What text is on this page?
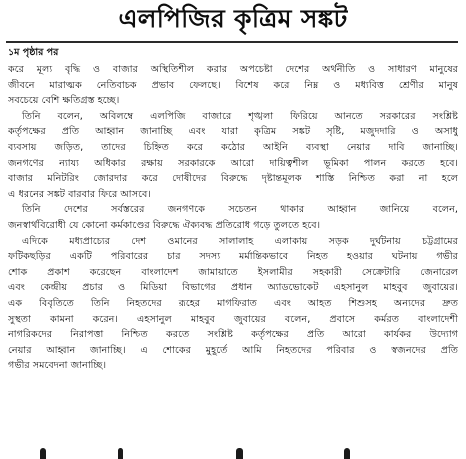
এলপিজির কৃত্রিম সঙ্কট
১ম পৃষ্ঠার পর
করে মূল্য বৃদ্ধি ও বাজার অস্থিতিশীল করার অপচেষ্টা দেশের অর্থনীতি ও সাধারণ মানুষের
জীবনে মারাত্মক নেতিবাচক প্রভাব ফেলছে। বিশেষ করে নিম্ন ও মধ্যবিত্ত শ্রেণীর মানুষ
সবচেয়ে বেশি ক্ষতিগ্রস্ত হচ্ছে।
তিনি বলেন, অবিলম্বে এলপিজি বাজারে শৃঙ্খলা ফিরিয়ে আনতে সরকারের সংশ্লিষ্ট
কর্তৃপক্ষের প্রতি আহ্বান জানাচ্ছি এবং যারা কৃত্রিম সঙ্কট সৃষ্টি, মজুদদারি ও অসাধু
ব্যবসায় জড়িত, তাদের চিহ্নিত করে কঠোর আইনি ব্যবস্থা নেয়ার দাবি জানাচ্ছি।
জনগণের ন্যায্য অধিকার রক্ষায় সরকারকে আরো দায়িত্বশীল ভূমিকা পালন করতে হবে।
বাজার মনিটরিং জোরদার করে দোষীদের বিরুদ্ধে দৃষ্টান্তমূলক শাস্তি নিশ্চিত করা না হলে
এ ধরনের সঙ্কট বারবার ফিরে আসবে।
তিনি দেশের সর্বস্তরের জনগণকে সচেতন থাকার আহ্বান জানিয়ে বলেন,
জনস্বার্থবিরোধী যে কোনো কর্মকাণ্ডের বিরুদ্ধে ঐক্যবদ্ধ প্রতিরোধ গড়ে তুলতে হবে।
এদিকে মধ্যপ্রাচ্যের দেশ ওমানের সালালাহ এলাকায় সড়ক দুর্ঘটনায় চট্টগ্রামের
ফটিকছড়ির একটি পরিবারের চার সদস্য মর্মান্তিকভাবে নিহত হওয়ার ঘটনায় গভীর
শোক প্রকাশ করেছেন বাংলাদেশ জামায়াতে ইসলামীর সহকারী সেক্রেটারি জেনারেল
এবং কেন্দ্রীয় প্রচার ও মিডিয়া বিভাগের প্রধান অ্যাডভোকেট এহসানুল মাহবুব জুবায়ের।
এক বিবৃতিতে তিনি নিহতদের রূহের মাগফিরাত এবং আহত শিশুসহ অন্যদের দ্রুত
সুস্থতা কামনা করেন। এহসানুল মাহবুব জুবায়ের বলেন, প্রবাসে কর্মরত বাংলাদেশী
নাগরিকদের নিরাপত্তা নিশ্চিত করতে সংশ্লিষ্ট কর্তৃপক্ষের প্রতি আরো কার্যকর উদ্যোগ
নেয়ার আহ্বান জানাচ্ছি। এ শোকের মুহূর্তে আমি নিহতদের পরিবার ও স্বজনদের প্রতি
গভীর সমবেদনা জানাচ্ছি।
